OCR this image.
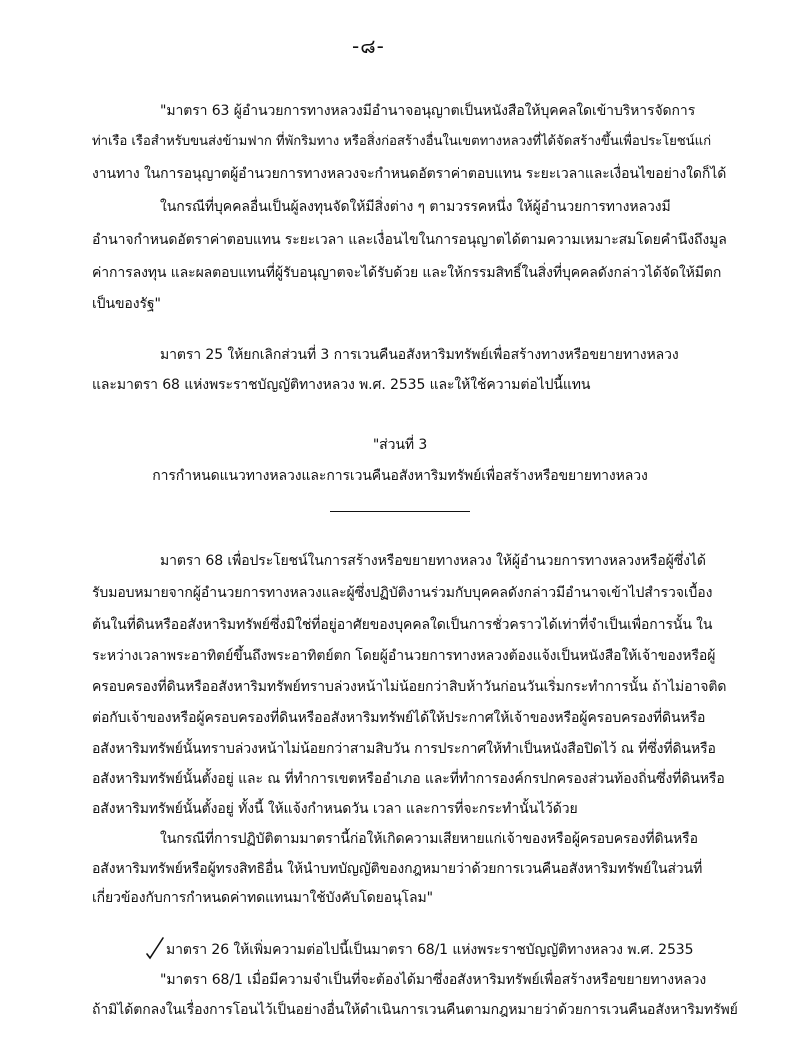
-๘-
"มาตรา 63 ผู้อำนวยการทางหลวงมีอำนาจอนุญาตเป็นหนังสือให้บุคคลใดเข้าบริหารจัดการ
ท่าเรือ เรือสำหรับขนส่งข้ามฟาก ที่พักริมทาง หรือสิ่งก่อสร้างอื่นในเขตทางหลวงที่ได้จัดสร้างขึ้นเพื่อประโยชน์แก่
งานทาง ในการอนุญาตผู้อำนวยการทางหลวงจะกำหนดอัตราค่าตอบแทน ระยะเวลาและเงื่อนไขอย่างใดก็ได้
ในกรณีที่บุคคลอื่นเป็นผู้ลงทุนจัดให้มีสิ่งต่าง ๆ ตามวรรคหนึ่ง ให้ผู้อำนวยการทางหลวงมี
อำนาจกำหนดอัตราค่าตอบแทน ระยะเวลา และเงื่อนไขในการอนุญาตได้ตามความเหมาะสมโดยคำนึงถึงมูล
ค่าการลงทุน และผลตอบแทนที่ผู้รับอนุญาตจะได้รับด้วย และให้กรรมสิทธิ์ในสิ่งที่บุคคลดังกล่าวได้จัดให้มีตก
เป็นของรัฐ"
มาตรา 25 ให้ยกเลิกส่วนที่ 3 การเวนคืนอสังหาริมทรัพย์เพื่อสร้างทางหรือขยายทางหลวง
และมาตรา 68 แห่งพระราชบัญญัติทางหลวง พ.ศ. 2535 และให้ใช้ความต่อไปนี้แทน
"ส่วนที่ 3
การกำหนดแนวทางหลวงและการเวนคืนอสังหาริมทรัพย์เพื่อสร้างหรือขยายทางหลวง
มาตรา 68 เพื่อประโยชน์ในการสร้างหรือขยายทางหลวง ให้ผู้อำนวยการทางหลวงหรือผู้ซึ่งได้
รับมอบหมายจากผู้อำนวยการทางหลวงและผู้ซึ่งปฏิบัติงานร่วมกับบุคคลดังกล่าวมีอำนาจเข้าไปสำรวจเบื้อง
ต้นในที่ดินหรืออสังหาริมทรัพย์ซึ่งมิใช่ที่อยู่อาศัยของบุคคลใดเป็นการชั่วคราวได้เท่าที่จำเป็นเพื่อการนั้น ใน
ระหว่างเวลาพระอาทิตย์ขึ้นถึงพระอาทิตย์ตก โดยผู้อำนวยการทางหลวงต้องแจ้งเป็นหนังสือให้เจ้าของหรือผู้
ครอบครองที่ดินหรืออสังหาริมทรัพย์ทราบล่วงหน้าไม่น้อยกว่าสิบห้าวันก่อนวันเริ่มกระทำการนั้น ถ้าไม่อาจติด
ต่อกับเจ้าของหรือผู้ครอบครองที่ดินหรืออสังหาริมทรัพย์ได้ให้ประกาศให้เจ้าของหรือผู้ครอบครองที่ดินหรือ
อสังหาริมทรัพย์นั้นทราบล่วงหน้าไม่น้อยกว่าสามสิบวัน การประกาศให้ทำเป็นหนังสือปิดไว้ ณ ที่ซึ่งที่ดินหรือ
อสังหาริมทรัพย์นั้นตั้งอยู่ และ ณ ที่ทำการเขตหรืออำเภอ และที่ทำการองค์กรปกครองส่วนท้องถิ่นซึ่งที่ดินหรือ
อสังหาริมทรัพย์นั้นตั้งอยู่ ทั้งนี้ ให้แจ้งกำหนดวัน เวลา และการที่จะกระทำนั้นไว้ด้วย
ในกรณีที่การปฏิบัติตามมาตรานี้ก่อให้เกิดความเสียหายแก่เจ้าของหรือผู้ครอบครองที่ดินหรือ
อสังหาริมทรัพย์หรือผู้ทรงสิทธิอื่น ให้นำบทบัญญัติของกฎหมายว่าด้วยการเวนคืนอสังหาริมทรัพย์ในส่วนที่
เกี่ยวข้องกับการกำหนดค่าทดแทนมาใช้บังคับโดยอนุโลม"
มาตรา 26 ให้เพิ่มความต่อไปนี้เป็นมาตรา 68/1 แห่งพระราชบัญญัติทางหลวง พ.ศ. 2535
"มาตรา 68/1 เมื่อมีความจำเป็นที่จะต้องได้มาซึ่งอสังหาริมทรัพย์เพื่อสร้างหรือขยายทางหลวง
ถ้ามิได้ตกลงในเรื่องการโอนไว้เป็นอย่างอื่นให้ดำเนินการเวนคืนตามกฎหมายว่าด้วยการเวนคืนอสังหาริมทรัพย์
